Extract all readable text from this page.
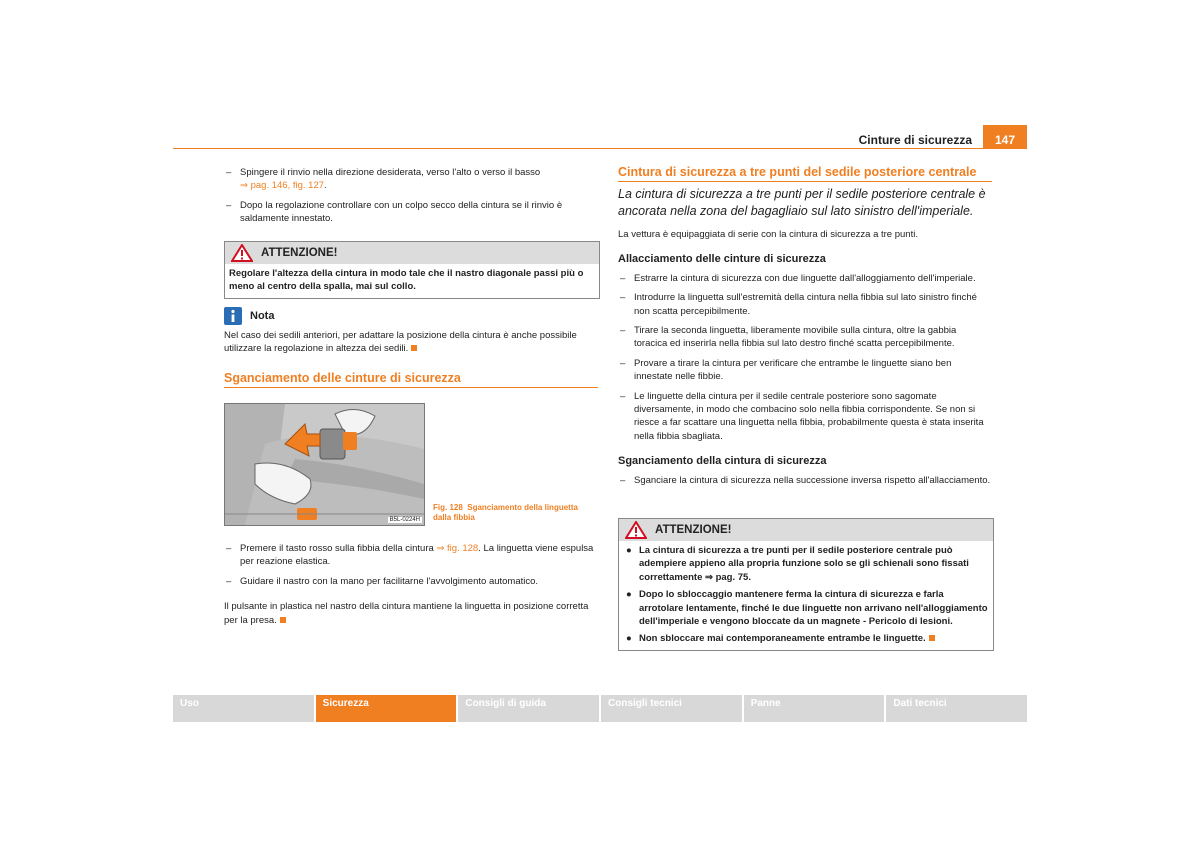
Cinture di sicurezza	147
– Spingere il rinvio nella direzione desiderata, verso l'alto o verso il basso
⇒ pag. 146, fig. 127.
– Dopo la regolazione controllare con un colpo secco della cintura se il rinvio è saldamente innestato.
ATTENZIONE!
Regolare l'altezza della cintura in modo tale che il nastro diagonale passi più o meno al centro della spalla, mai sul collo.
Nota
Nel caso dei sedili anteriori, per adattare la posizione della cintura è anche possibile utilizzare la regolazione in altezza dei sedili.
Sganciamento delle cinture di sicurezza
B5L-0224H
Fig. 128 Sganciamento della linguetta dalla fibbia
– Premere il tasto rosso sulla fibbia della cintura ⇒ fig. 128. La linguetta viene espulsa per reazione elastica.
– Guidare il nastro con la mano per facilitarne l'avvolgimento automatico.
Il pulsante in plastica nel nastro della cintura mantiene la linguetta in posizione corretta per la presa.
Cintura di sicurezza a tre punti del sedile posteriore centrale
La cintura di sicurezza a tre punti per il sedile posteriore centrale è ancorata nella zona del bagagliaio sul lato sinistro dell'imperiale.
La vettura è equipaggiata di serie con la cintura di sicurezza a tre punti.
Allacciamento delle cinture di sicurezza
– Estrarre la cintura di sicurezza con due linguette dall'alloggiamento dell'imperiale.
– Introdurre la linguetta sull'estremità della cintura nella fibbia sul lato sinistro finché non scatta percepibilmente.
– Tirare la seconda linguetta, liberamente movibile sulla cintura, oltre la gabbia toracica ed inserirla nella fibbia sul lato destro finché scatta percepibilmente.
– Provare a tirare la cintura per verificare che entrambe le linguette siano ben innestate nelle fibbie.
– Le linguette della cintura per il sedile centrale posteriore sono sagomate diversamente, in modo che combacino solo nella fibbia corrispondente. Se non si riesce a far scattare una linguetta nella fibbia, probabilmente questa è stata inserita nella fibbia sbagliata.
Sganciamento della cintura di sicurezza
– Sganciare la cintura di sicurezza nella successione inversa rispetto all'allacciamento.
ATTENZIONE!
● La cintura di sicurezza a tre punti per il sedile posteriore centrale può adempiere appieno alla propria funzione solo se gli schienali sono fissati correttamente ⇒ pag. 75.
● Dopo lo sbloccaggio mantenere ferma la cintura di sicurezza e farla arrotolare lentamente, finché le due linguette non arrivano nell'alloggiamento dell'imperiale e vengono bloccate da un magnete - Pericolo di lesioni.
● Non sbloccare mai contemporaneamente entrambe le linguette.
Uso	Sicurezza	Consigli di guida	Consigli tecnici	Panne	Dati tecnici
